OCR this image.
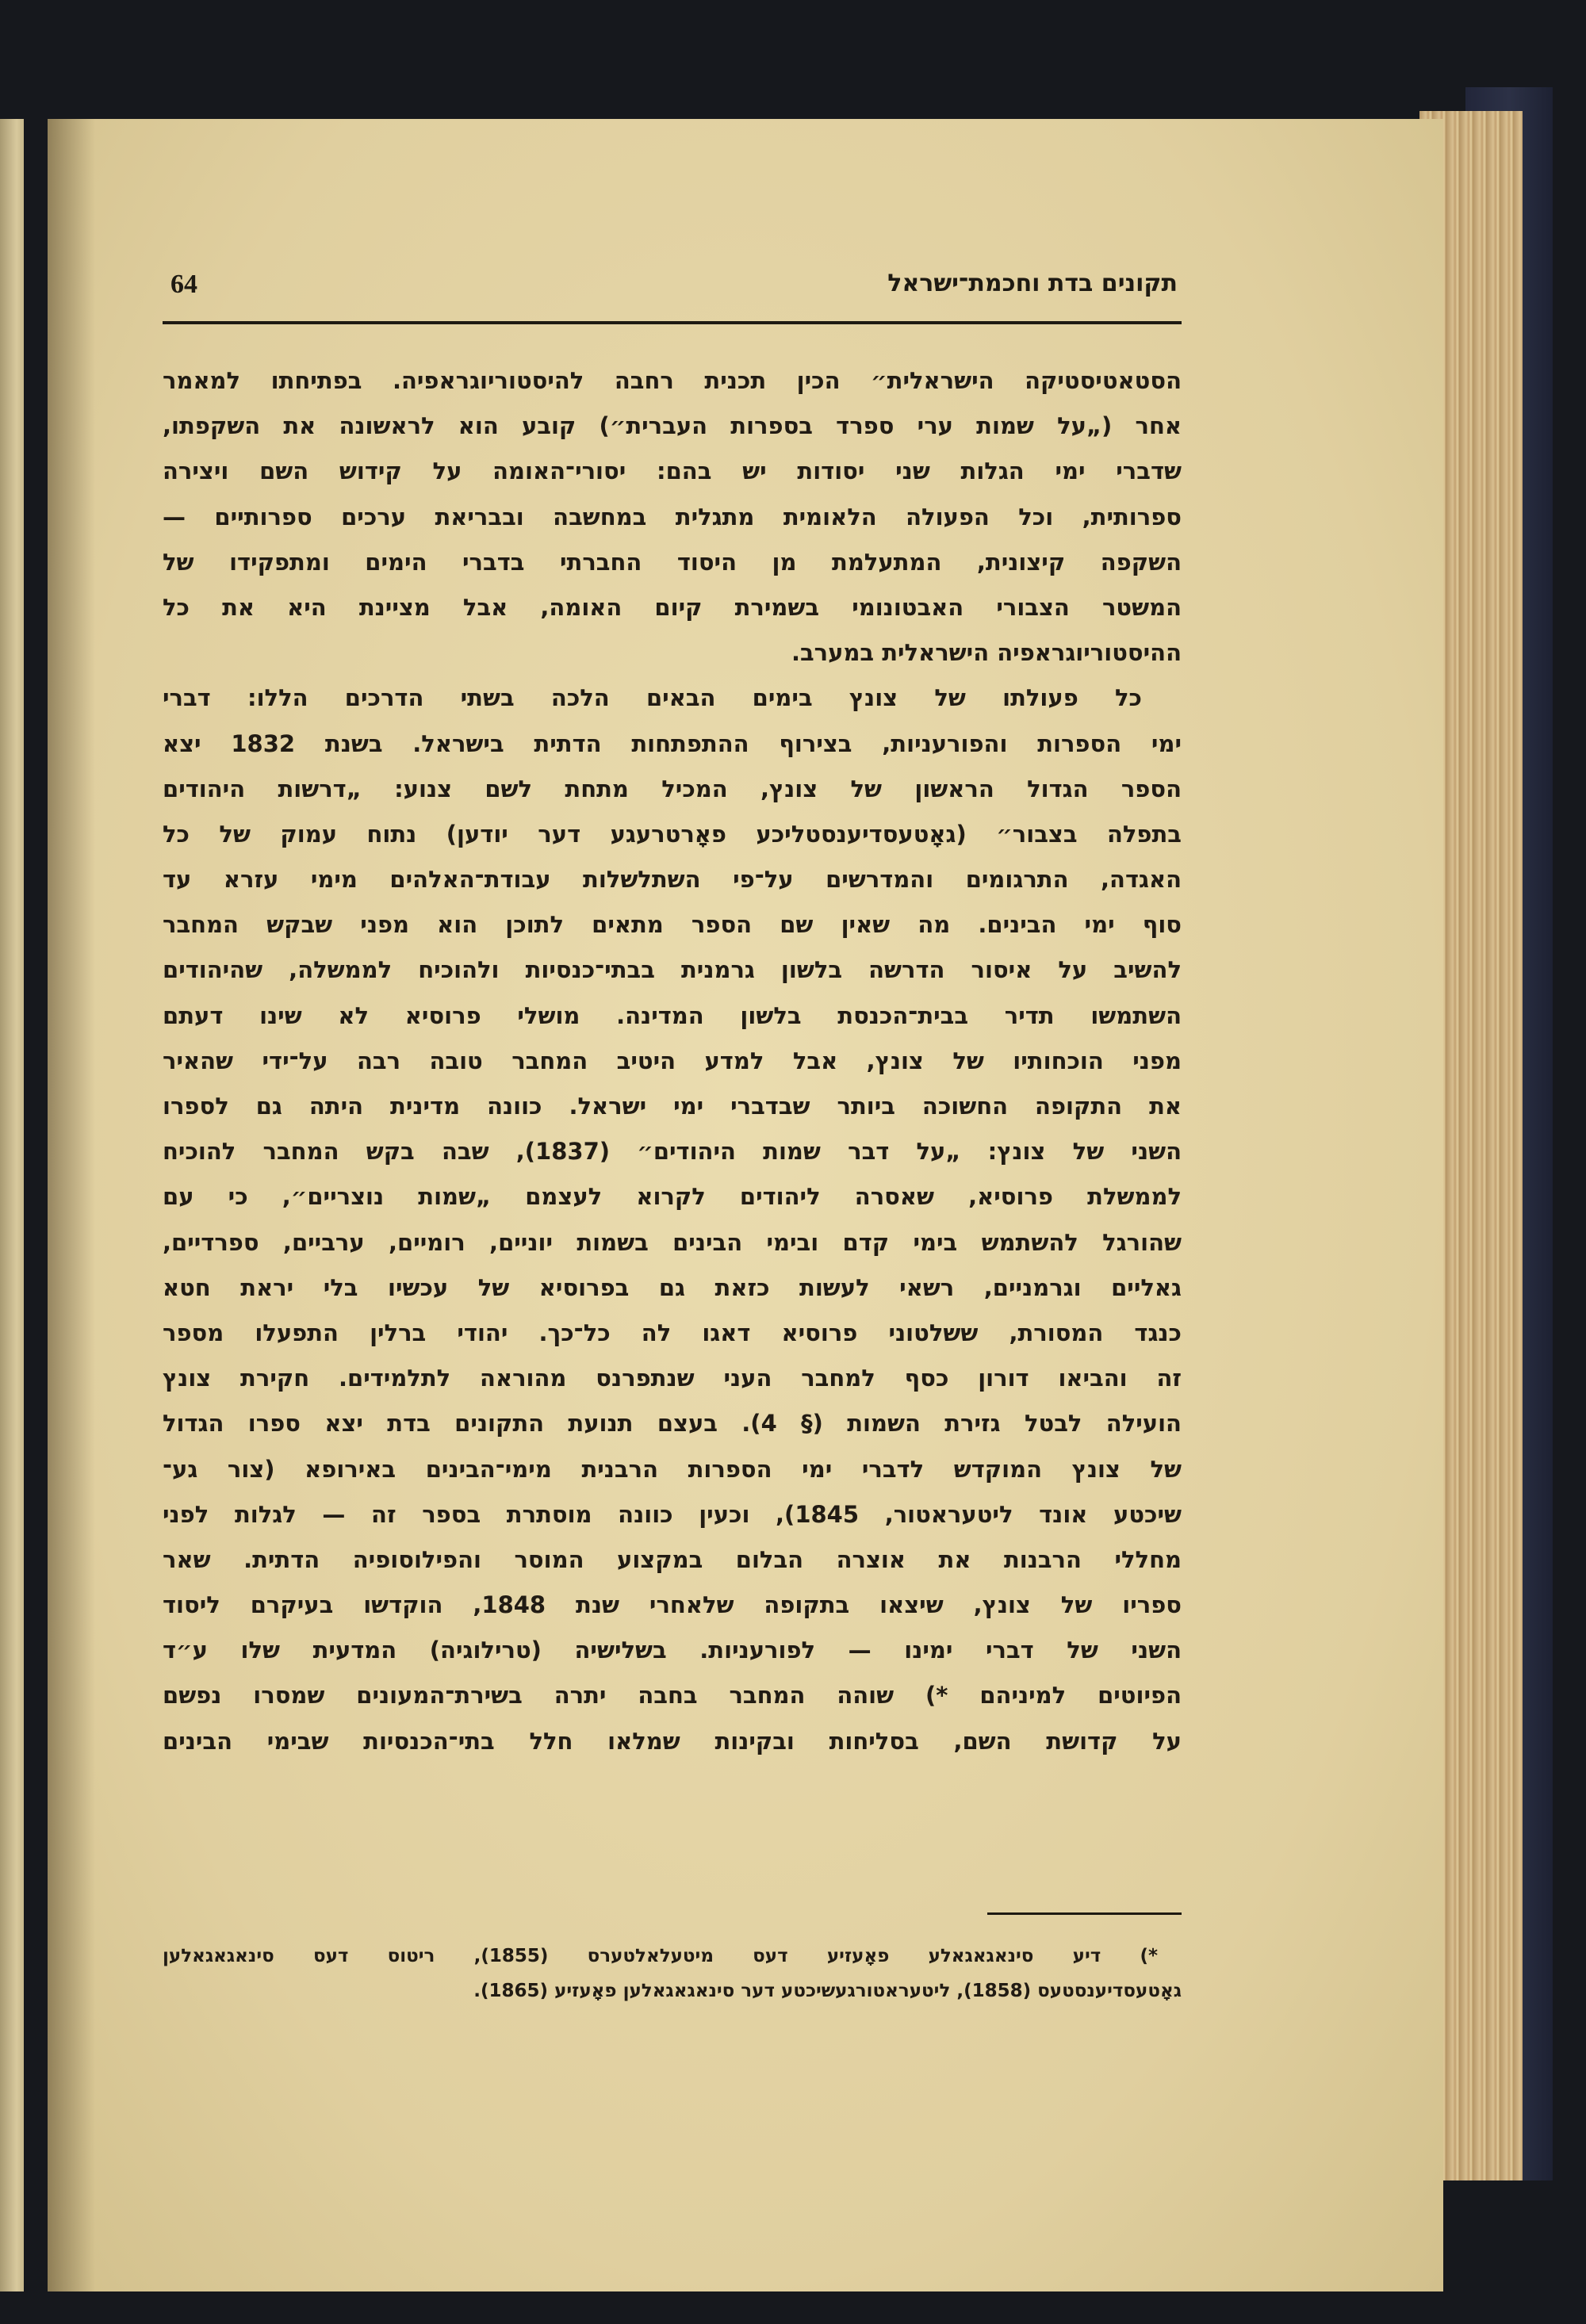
64	תקונים בדת וחכמת־ישראל
הסטאטיסטיקה הישראלית״ הכין תכנית רחבה להיסטוריוגראפיה. בפתיחתו למאמר
אחר („על שמות ערי ספרד בספרות העברית״) קובע הוא לראשונה את השקפתו,
שדברי ימי הגלות שני יסודות יש בהם: יסורי־האומה על קידוש השם ויצירה
ספרותית, וכל הפעולה הלאומית מתגלית במחשבה ובבריאת ערכים ספרותיים —
השקפה קיצונית, המתעלמת מן היסוד החברתי בדברי הימים ומתפקידו של
המשטר הצבורי האבטונומי בשמירת קיום האומה, אבל מציינת היא את כל
ההיסטוריוגראפיה הישראלית במערב.
כל פעולתו של צונץ בימים הבאים הלכה בשתי הדרכים הללו: דברי
ימי הספרות והפורעניות, בצירוף ההתפתחות הדתית בישראל. בשנת 1832 יצא
הספר הגדול הראשון של צונץ, המכיל מתחת לשם צנוע: „דרשות היהודים
בתפלה בצבור״ (גאָטעסדיענסטליכע פאָרטרעגע דער יודען) נתוח עמוק של כל
האגדה, התרגומים והמדרשים על־פי השתלשלות עבודת־האלהים מימי עזרא עד
סוף ימי הבינים. מה שאין שם הספר מתאים לתוכן הוא מפני שבקש המחבר
להשיב על איסור הדרשה בלשון גרמנית בבתי־כנסיות ולהוכיח לממשלה, שהיהודים
השתמשו תדיר בבית־הכנסת בלשון המדינה. מושלי פרוסיא לא שינו דעתם
מפני הוכחותיו של צונץ, אבל למדע היטיב המחבר טובה רבה על־ידי שהאיר
את התקופה החשוכה ביותר שבדברי ימי ישראל. כוונה מדינית היתה גם לספרו
השני של צונץ: „על דבר שמות היהודים״ (1837), שבה בקש המחבר להוכיח
לממשלת פרוסיא, שאסרה ליהודים לקרוא לעצמם „שמות נוצריים״, כי עם
שהורגל להשתמש בימי קדם ובימי הבינים בשמות יוניים, רומיים, ערביים, ספרדיים,
גאליים וגרמניים, רשאי לעשות כזאת גם בפרוסיא של עכשיו בלי יראת חטא
כנגד המסורת, ששלטוני פרוסיא דאגו לה כל־כך. יהודי ברלין התפעלו מספר
זה והביאו דורון כסף למחבר העני שנתפרנס מהוראה לתלמידים. חקירת צונץ
הועילה לבטל גזירת השמות (§ 4). בעצם תנועת התקונים בדת יצא ספרו הגדול
של צונץ המוקדש לדברי ימי הספרות הרבנית מימי־הבינים באירופא (צור גע־
שיכטע אונד ליטעראטור, 1845), וכעין כוונה מוסתרת בספר זה — לגלות לפני
מחללי הרבנות את אוצרה הבלום במקצוע המוסר והפילוסופיה הדתית. שאר
ספריו של צונץ, שיצאו בתקופה שלאחרי שנת 1848, הוקדשו בעיקרם ליסוד
השני של דברי ימינו — לפורעניות. בשלישיה (טרילוגיה) המדעית שלו ע״ד
הפיוטים למיניהם *) שוהה המחבר בחבה יתרה בשירת־המעונים שמסרו נפשם
על קדושת השם, בסליחות ובקינות שמלאו חלל בתי־הכנסיות שבימי הבינים
*) דיע סינאגאגאלע פאָעזיע דעס מיטעלאלטערס (1855), ריטוס דעס סינאגאגאלען
גאָטעסדיענסטעס (1858), ליטעראטורגעשיכטע דער סינאגאגאלען פאָעזיע (1865).
